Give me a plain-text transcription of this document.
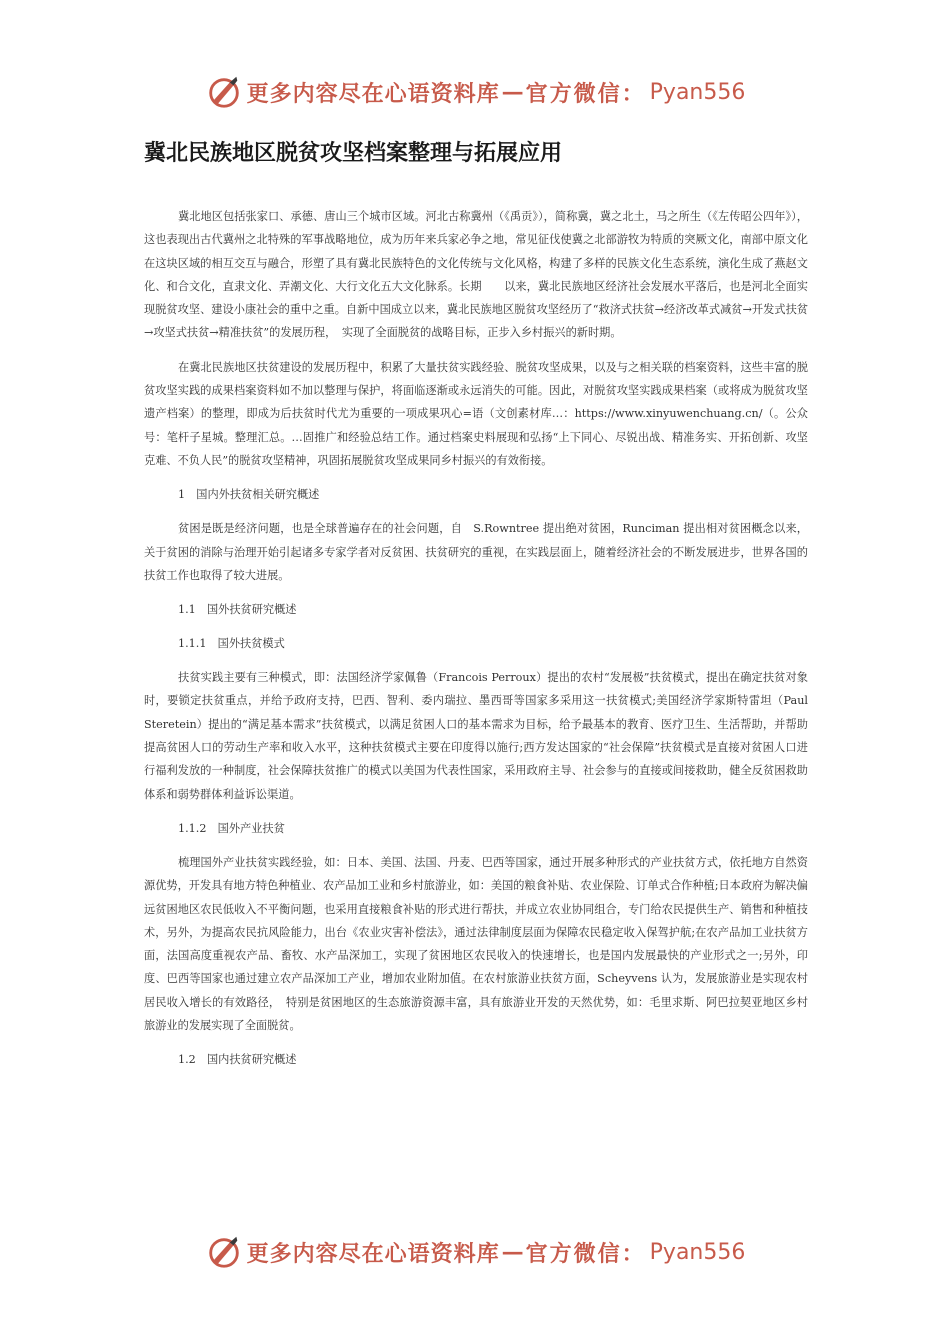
更多内容尽在心语资料库 — 官方微信： Pyan556
冀北民族地区脱贫攻坚档案整理与拓展应用

冀北地区包括张家口、承德、唐山三个城市区域。河北古称冀州（《禹贡》），简称冀，冀之北土，马之所生（《左传昭公四年》），这也表现出古代冀州之北特殊的军事战略地位，成为历年来兵家必争之地，常见征伐使冀之北部游牧为特质的突厥文化，南部中原文化在这块区域的相互交互与融合，形塑了具有冀北民族特色的文化传统与文化风格，构建了多样的民族文化生态系统，演化生成了燕赵文化、和合文化，直隶文化、弄潮文化、大行文化五大文化脉系。长期　　以来，冀北民族地区经济社会发展水平落后，也是河北全面实现脱贫攻坚、建设小康社会的重中之重。自新中国成立以来，冀北民族地区脱贫攻坚经历了“救济式扶贫→经济改革式减贫→开发式扶贫→攻坚式扶贫→精准扶贫”的发展历程，　实现了全面脱贫的战略目标，正步入乡村振兴的新时期。

在冀北民族地区扶贫建设的发展历程中，积累了大量扶贫实践经验、脱贫攻坚成果，以及与之相关联的档案资料，这些丰富的脱贫攻坚实践的成果档案资料如不加以整理与保护，将面临逐渐或永远消失的可能。因此，对脱贫攻坚实践成果档案（或将成为脱贫攻坚遗产档案）的整理，即成为后扶贫时代尤为重要的一项成果巩心=语（文创素材库…：https://www.xinyuwenchuang.cn/（。公众号：笔杆子星城。整理汇总。…固推广和经验总结工作。通过档案史料展现和弘扬“上下同心、尽锐出战、精准务实、开拓创新、攻坚克难、不负人民”的脱贫攻坚精神，巩固拓展脱贫攻坚成果同乡村振兴的有效衔接。

1　国内外扶贫相关研究概述

贫困是既是经济问题，也是全球普遍存在的社会问题，自　S.Rowntree 提出绝对贫困，Runciman 提出相对贫困概念以来，关于贫困的消除与治理开始引起诸多专家学者对反贫困、扶贫研究的重视，在实践层面上，随着经济社会的不断发展进步，世界各国的扶贫工作也取得了较大进展。

1.1　国外扶贫研究概述

1.1.1　国外扶贫模式

扶贫实践主要有三种模式，即：法国经济学家佩鲁（Francois Perroux）提出的农村“发展极”扶贫模式，提出在确定扶贫对象时，要锁定扶贫重点，并给予政府支持，巴西、智利、委内瑞拉、墨西哥等国家多采用这一扶贫模式;美国经济学家斯特雷坦（Paul Steretein）提出的“满足基本需求”扶贫模式，以满足贫困人口的基本需求为目标，给予最基本的教育、医疗卫生、生活帮助，并帮助提高贫困人口的劳动生产率和收入水平，这种扶贫模式主要在印度得以施行;西方发达国家的“社会保障”扶贫模式是直接对贫困人口进行福利发放的一种制度，社会保障扶贫推广的模式以美国为代表性国家，采用政府主导、社会参与的直接或间接救助，健全反贫困救助体系和弱势群体利益诉讼渠道。

1.1.2　国外产业扶贫

梳理国外产业扶贫实践经验，如：日本、美国、法国、丹麦、巴西等国家，通过开展多种形式的产业扶贫方式，依托地方自然资源优势，开发具有地方特色种植业、农产品加工业和乡村旅游业，如：美国的粮食补贴、农业保险、订单式合作种植;日本政府为解决偏远贫困地区农民低收入不平衡问题，也采用直接粮食补贴的形式进行帮扶，并成立农业协同组合，专门给农民提供生产、销售和种植技术，另外，为提高农民抗风险能力，出台《农业灾害补偿法》，通过法律制度层面为保障农民稳定收入保驾护航;在农产品加工业扶贫方面，法国高度重视农产品、畜牧、水产品深加工，实现了贫困地区农民收入的快速增长，也是国内发展最快的产业形式之一;另外，印度、巴西等国家也通过建立农产品深加工产业，增加农业附加值。在农村旅游业扶贫方面，Scheyvens 认为，发展旅游业是实现农村居民收入增长的有效路径，　特别是贫困地区的生态旅游资源丰富，具有旅游业开发的天然优势，如：毛里求斯、阿巴拉契亚地区乡村旅游业的发展实现了全面脱贫。

1.2　国内扶贫研究概述

更多内容尽在心语资料库 — 官方微信： Pyan556
